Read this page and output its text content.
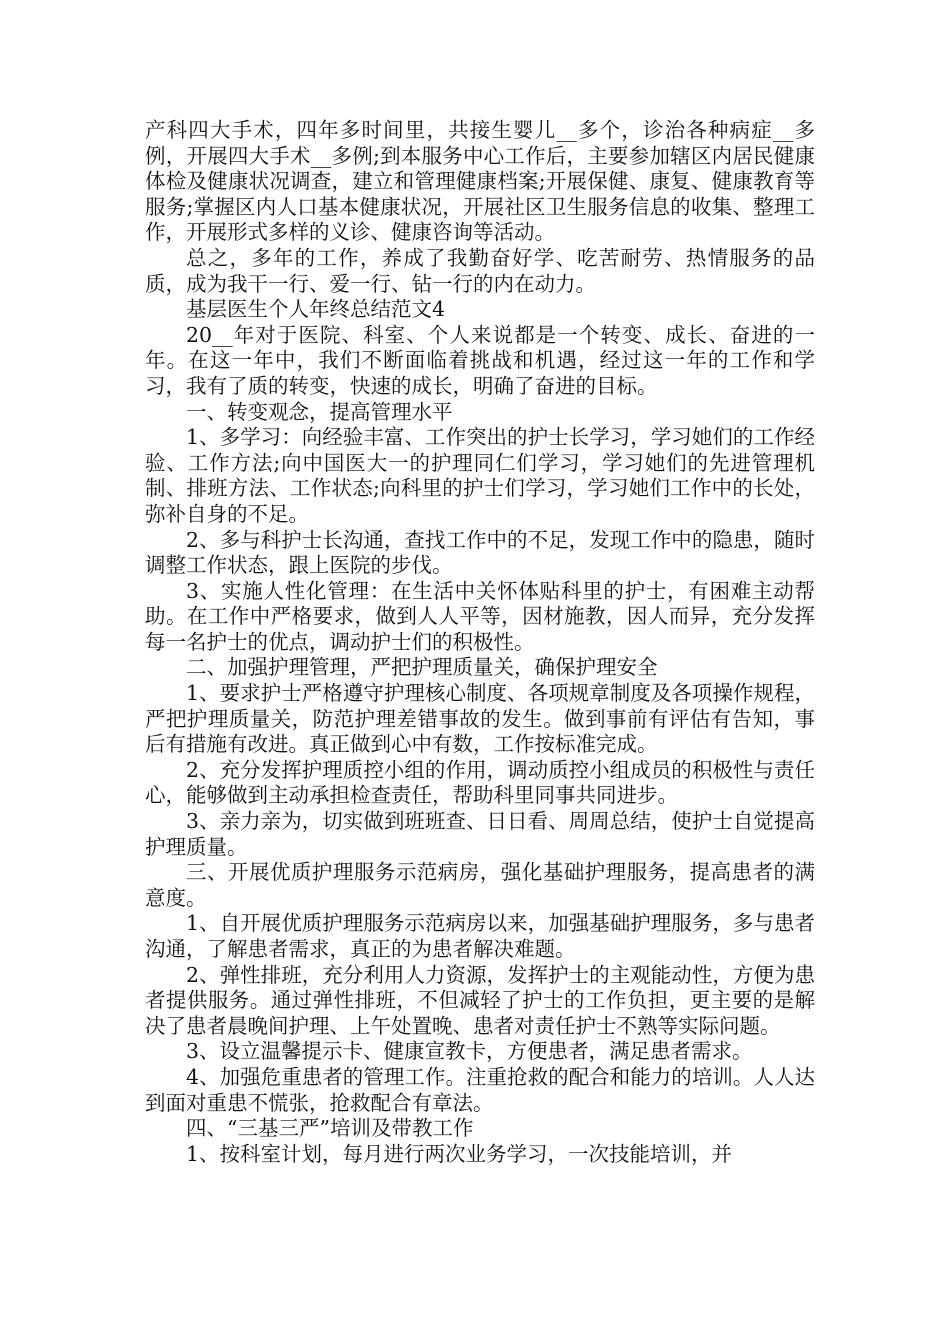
产科四大手术，四年多时间里，共接生婴儿__多个，诊治各种病症__多例，开展四大手术__多例;到本服务中心工作后，主要参加辖区内居民健康体检及健康状况调查，建立和管理健康档案;开展保健、康复、健康教育等服务;掌握区内人口基本健康状况，开展社区卫生服务信息的收集、整理工作，开展形式多样的义诊、健康咨询等活动。

总之，多年的工作，养成了我勤奋好学、吃苦耐劳、热情服务的品质，成为我干一行、爱一行、钻一行的内在动力。

基层医生个人年终总结范文4

20__年对于医院、科室、个人来说都是一个转变、成长、奋进的一年。在这一年中，我们不断面临着挑战和机遇，经过这一年的工作和学习，我有了质的转变，快速的成长，明确了奋进的目标。

一、转变观念，提高管理水平

1、多学习：向经验丰富、工作突出的护士长学习，学习她们的工作经验、工作方法;向中国医大一的护理同仁们学习，学习她们的先进管理机制、排班方法、工作状态;向科里的护士们学习，学习她们工作中的长处，弥补自身的不足。

2、多与科护士长沟通，查找工作中的不足，发现工作中的隐患，随时调整工作状态，跟上医院的步伐。

3、实施人性化管理：在生活中关怀体贴科里的护士，有困难主动帮助。在工作中严格要求，做到人人平等，因材施教，因人而异，充分发挥每一名护士的优点，调动护士们的积极性。

二、加强护理管理，严把护理质量关，确保护理安全

1、要求护士严格遵守护理核心制度、各项规章制度及各项操作规程，严把护理质量关，防范护理差错事故的发生。做到事前有评估有告知，事后有措施有改进。真正做到心中有数，工作按标准完成。

2、充分发挥护理质控小组的作用，调动质控小组成员的积极性与责任心，能够做到主动承担检查责任，帮助科里同事共同进步。

3、亲力亲为，切实做到班班查、日日看、周周总结，使护士自觉提高护理质量。

三、开展优质护理服务示范病房，强化基础护理服务，提高患者的满意度。

1、自开展优质护理服务示范病房以来，加强基础护理服务，多与患者沟通，了解患者需求，真正的为患者解决难题。

2、弹性排班，充分利用人力资源，发挥护士的主观能动性，方便为患者提供服务。通过弹性排班，不但减轻了护士的工作负担，更主要的是解决了患者晨晚间护理、上午处置晚、患者对责任护士不熟等实际问题。

3、设立温馨提示卡、健康宣教卡，方便患者，满足患者需求。

4、加强危重患者的管理工作。注重抢救的配合和能力的培训。人人达到面对重患不慌张，抢救配合有章法。

四、“三基三严”培训及带教工作

1、按科室计划，每月进行两次业务学习，一次技能培训，并
